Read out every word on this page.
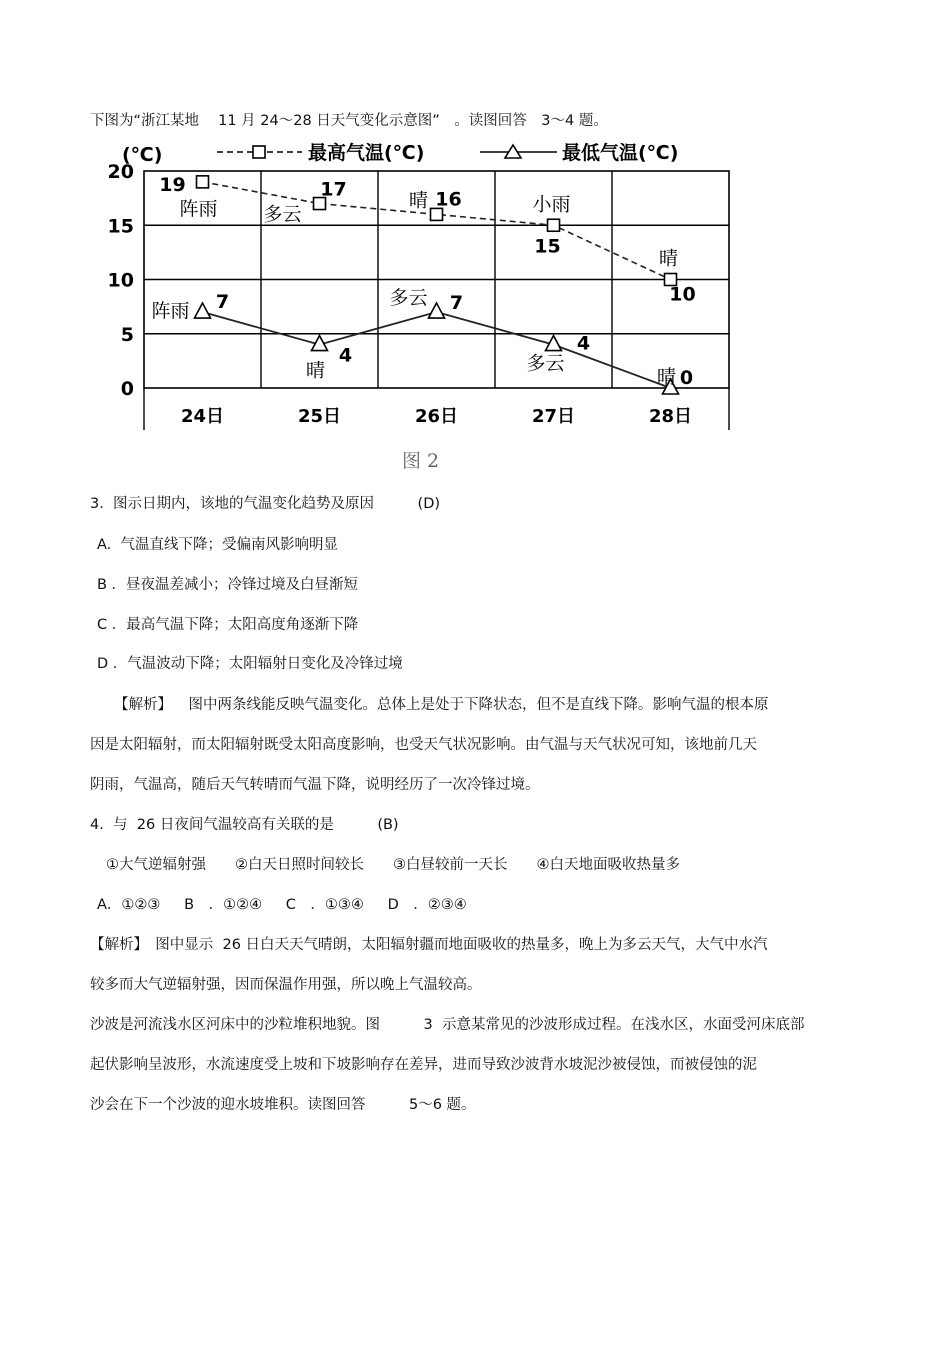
下图为“浙江某地　 11 月 24～28 日天气变化示意图”　。读图回答　3～4 题。
0
5
10
15
20
(℃)
24日	25日	26日	27日	28日
最高气温(℃)	最低气温(℃)
19
阵雨
17
多云
16
晴
15
小雨
10
晴
7
阵雨
4
晴
7
多云
4
多云
0
晴
图 2
3.  图示日期内，该地的气温变化趋势及原因　　　(D)
A.  气温直线下降；受偏南风影响明显
B ．昼夜温差减小；冷锋过境及白昼渐短
C ．最高气温下降；太阳高度角逐渐下降
D ．气温波动下降；太阳辐射日变化及冷锋过境
【解析】　  图中两条线能反映气温变化。总体上是处于下降状态，但不是直线下降。影响气温的根本原
因是太阳辐射，而太阳辐射既受太阳高度影响，也受天气状况影响。由气温与天气状况可知，该地前几天
阴雨，气温高，随后天气转晴而气温下降，说明经历了一次冷锋过境。
4.  与  26 日夜间气温较高有关联的是　　　(B)
①大气逆辐射强　　②白天日照时间较长　　③白昼较前一天长　　④白天地面吸收热量多
A．①②③　  B　．①②④　  C　．①③④　  D　．②③④
【解析】　图中显示  26 日白天天气晴朗，太阳辐射疆而地面吸收的热量多，晚上为多云天气，大气中水汽
较多而大气逆辐射强，因而保温作用强，所以晚上气温较高。
沙波是河流浅水区河床中的沙粒堆积地貌。图　　　3  示意某常见的沙波形成过程。在浅水区，水面受河床底部
起伏影响呈波形，水流速度受上坡和下坡影响存在差异，进而导致沙波背水坡泥沙被侵蚀，而被侵蚀的泥
沙会在下一个沙波的迎水坡堆积。读图回答　　　5～6 题。
